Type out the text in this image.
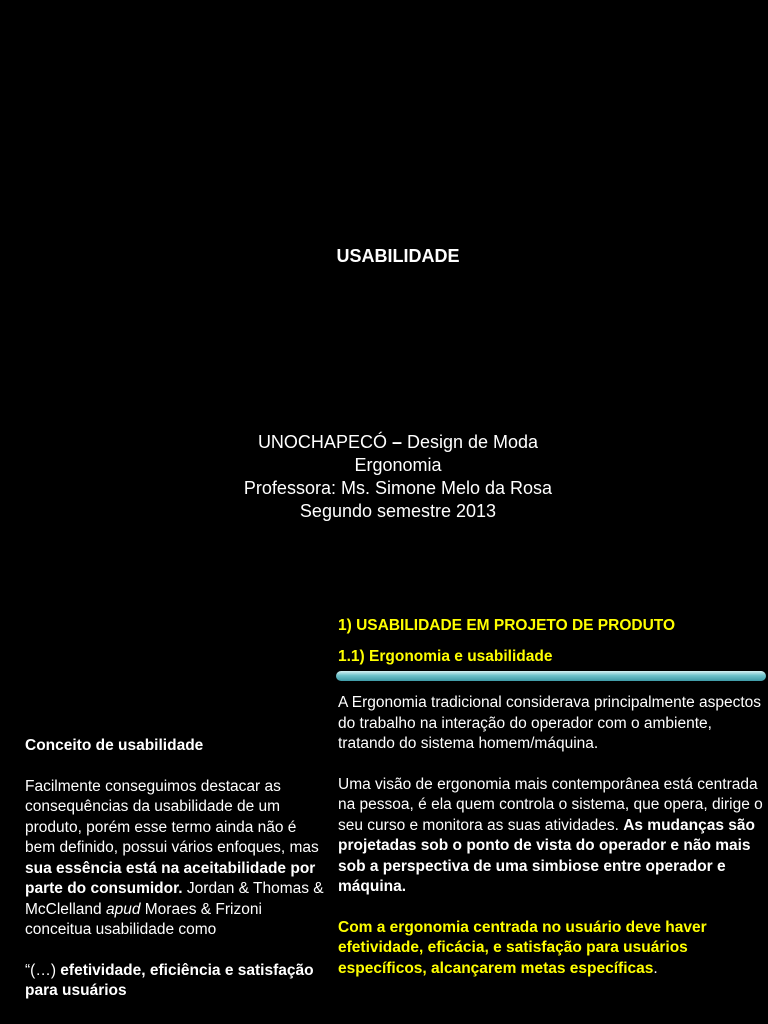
USABILIDADE
UNOCHAPECÓ – Design de Moda
Ergonomia
Professora: Ms. Simone Melo da Rosa
Segundo semestre 2013

1) USABILIDADE EM PROJETO DE PRODUTO

1.1) Ergonomia e usabilidade

A Ergonomia tradicional considerava principalmente aspectos do trabalho na interação do operador com o ambiente, tratando do sistema homem/máquina.

Uma visão de ergonomia mais contemporânea está centrada na pessoa, é ela quem controla o sistema, que opera, dirige o seu curso e monitora as suas atividades. As mudanças são projetadas sob o ponto de vista do operador e não mais sob a perspectiva de uma simbiose entre operador e máquina.

Com a ergonomia centrada no usuário deve haver efetividade, eficácia, e satisfação para usuários específicos, alcançarem metas específicas.

Conceito de usabilidade

Facilmente conseguimos destacar as consequências da usabilidade de um produto, porém esse termo ainda não é bem definido, possui vários enfoques, mas sua essência está na aceitabilidade por parte do consumidor. Jordan & Thomas & McClelland apud Moraes & Frizoni conceitua usabilidade como

“(…) efetividade, eficiência e satisfação para usuários
